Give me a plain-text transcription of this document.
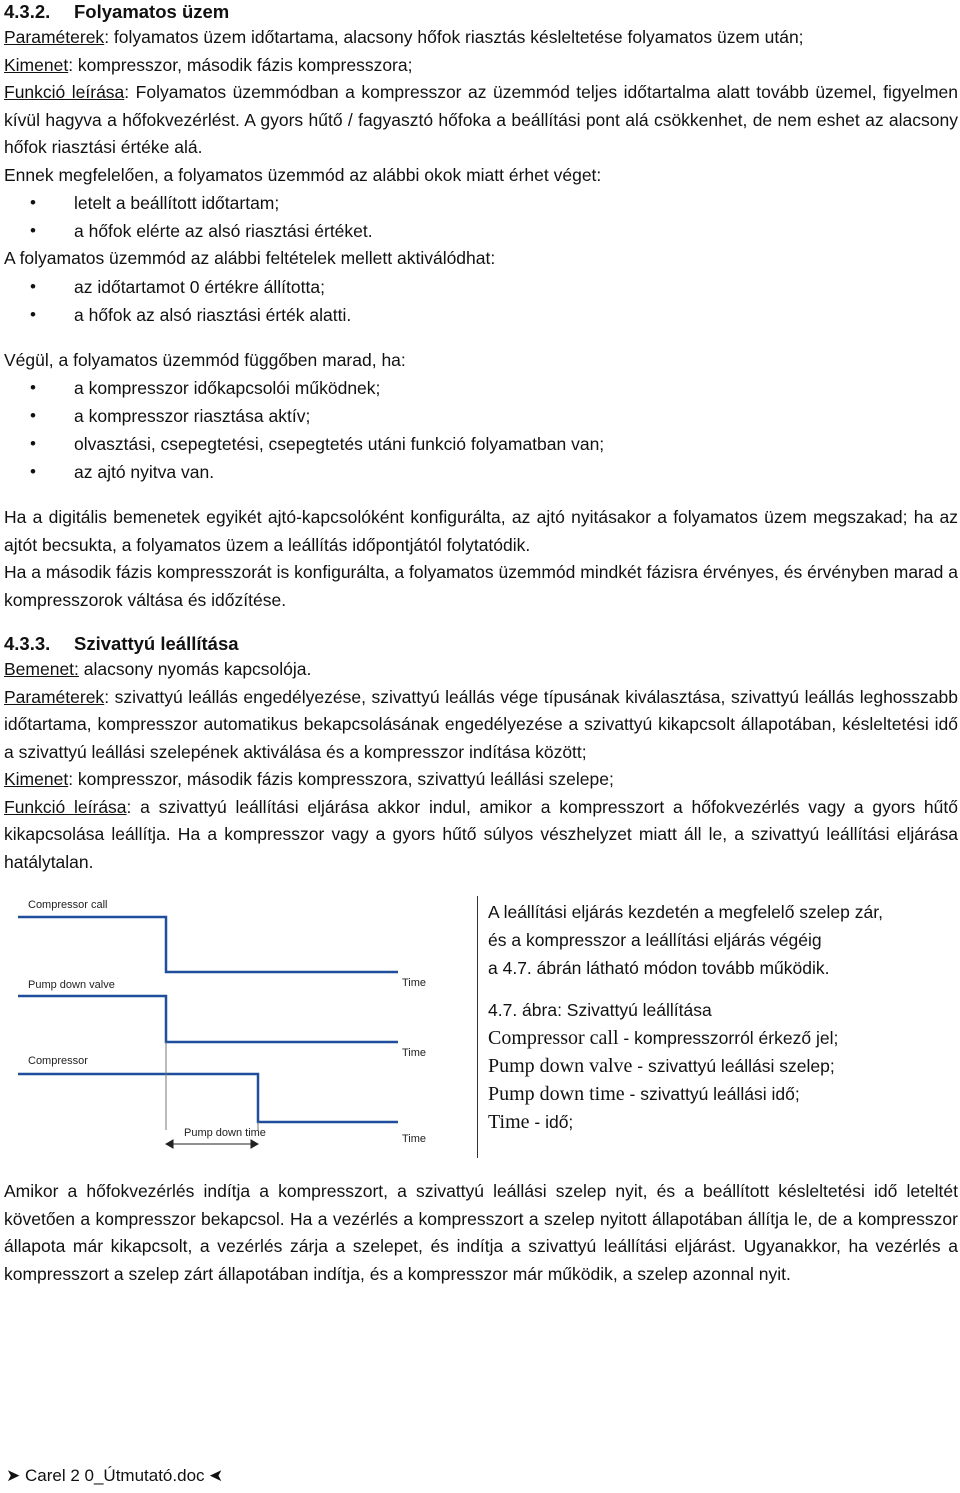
4.3.2. Folyamatos üzem

Paraméterek: folyamatos üzem időtartama, alacsony hőfok riasztás késleltetése folyamatos üzem után;

Kimenet: kompresszor, második fázis kompresszora;

Funkció leírása: Folyamatos üzemmódban a kompresszor az üzemmód teljes időtartalma alatt tovább üzemel, figyelmen kívül hagyva a hőfokvezérlést. A gyors hűtő / fagyasztó hőfoka a beállítási pont alá csökkenhet, de nem eshet az alacsony hőfok riasztási értéke alá.

Ennek megfelelően, a folyamatos üzemmód az alábbi okok miatt érhet véget:

• letelt a beállított időtartam;
• a hőfok elérte az alsó riasztási értéket.

A folyamatos üzemmód az alábbi feltételek mellett aktiválódhat:

• az időtartamot 0 értékre állította;
• a hőfok az alsó riasztási érték alatti.

Végül, a folyamatos üzemmód függőben marad, ha:

• a kompresszor időkapcsolói működnek;
• a kompresszor riasztása aktív;
• olvasztási, csepegtetési, csepegtetés utáni funkció folyamatban van;
• az ajtó nyitva van.

Ha a digitális bemenetek egyikét ajtó-kapcsolóként konfigurálta, az ajtó nyitásakor a folyamatos üzem megszakad; ha az ajtót becsukta, a folyamatos üzem a leállítás időpontjától folytatódik.

Ha a második fázis kompresszorát is konfigurálta, a folyamatos üzemmód mindkét fázisra érvényes, és érvényben marad a kompresszorok váltása és időzítése.

4.3.3. Szivattyú leállítása

Bemenet: alacsony nyomás kapcsolója.

Paraméterek: szivattyú leállás engedélyezése, szivattyú leállás vége típusának kiválasztása, szivattyú leállás leghosszabb időtartama, kompresszor automatikus bekapcsolásának engedélyezése a szivattyú kikapcsolt állapotában, késleltetési idő a szivattyú leállási szelepének aktiválása és a kompresszor indítása között;

Kimenet: kompresszor, második fázis kompresszora, szivattyú leállási szelepe;

Funkció leírása: a szivattyú leállítási eljárása akkor indul, amikor a kompresszort a hőfokvezérlés vagy a gyors hűtő kikapcsolása leállítja. Ha a kompresszor vagy a gyors hűtő súlyos vészhelyzet miatt áll le, a szivattyú leállítási eljárása hatálytalan.

Compressor call
Pump down valve
Compressor
Pump down time
Time
Time
Time

A leállítási eljárás kezdetén a megfelelő szelep zár,

és a kompresszor a leállítási eljárás végéig

a 4.7. ábrán látható módon tovább működik.

4.7. ábra: Szivattyú leállítása

Compressor call - kompresszorról érkező jel;

Pump down valve - szivattyú leállási szelep;

Pump down time - szivattyú leállási idő;

Time - idő;

Amikor a hőfokvezérlés indítja a kompresszort, a szivattyú leállási szelep nyit, és a beállított késleltetési idő leteltét követően a kompresszor bekapcsol. Ha a vezérlés a kompresszort a szelep nyitott állapotában állítja le, de a kompresszor állapota már kikapcsolt, a vezérlés zárja a szelepet, és indítja a szivattyú leállítási eljárást. Ugyanakkor, ha vezérlés a kompresszort a szelep zárt állapotában indítja, és a kompresszor már működik, a szelep azonnal nyit.

➤ Carel 2 0_Útmutató.doc ➤
